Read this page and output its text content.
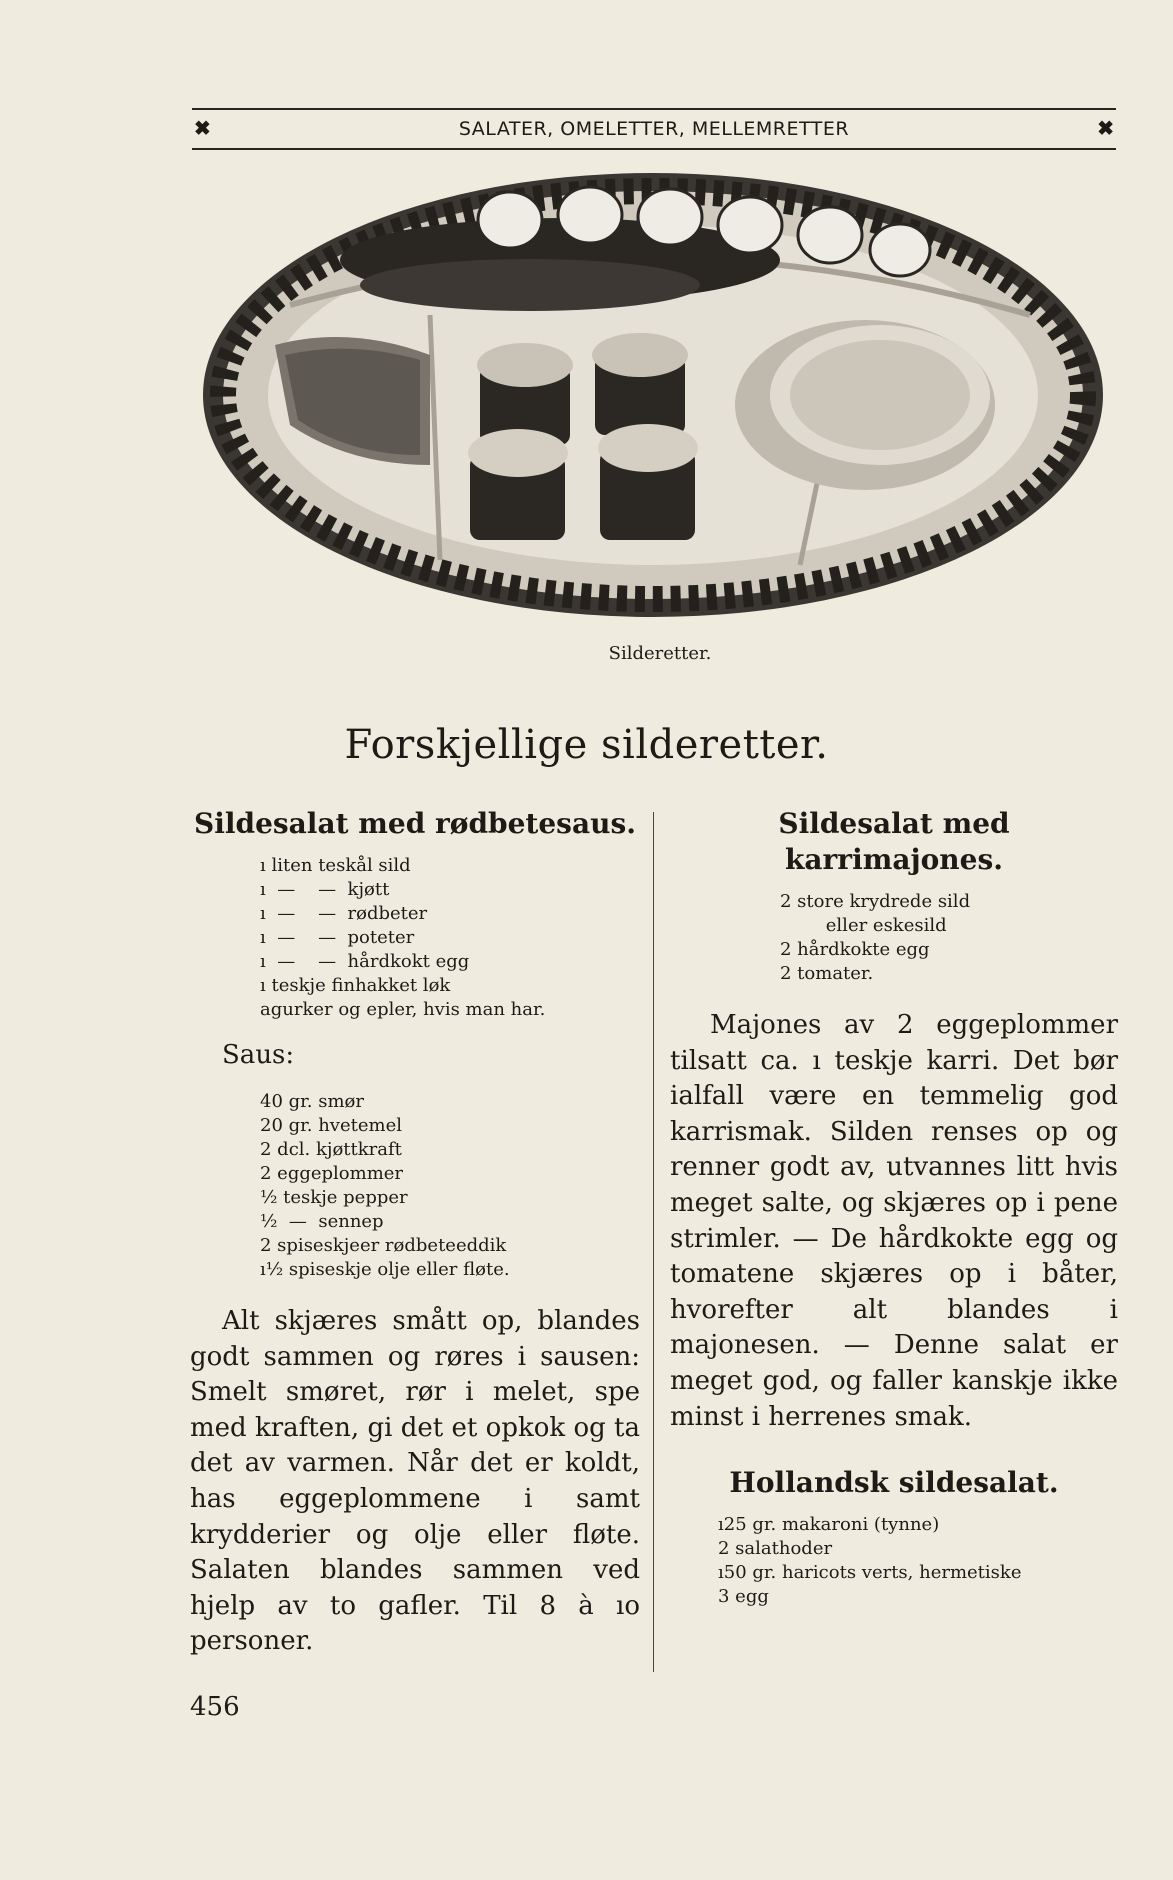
✖	SALATER, OMELETTER, MELLEMRETTER	✖
Silderetter.
Forskjellige silderetter.
Sildesalat med rødbetesaus.
ı liten teskål sild
ı  —    —  kjøtt
ı  —    —  rødbeter
ı  —    —  poteter
ı  —    —  hårdkokt egg
ı teskje finhakket løk
agurker og epler, hvis man har.
Saus:
40 gr. smør
20 gr. hvetemel
2 dcl. kjøttkraft
2 eggeplommer
½ teskje pepper
½  —  sennep
2 spiseskjeer rødbeteeddik
ı½ spiseskje olje eller fløte.

Alt skjæres smått op, blandes godt sammen og røres i sausen: Smelt smøret, rør i melet, spe med kraften, gi det et opkok og ta det av varmen. Når det er koldt, has eggeplommene i samt krydderier og olje eller fløte. Salaten blandes sammen ved hjelp av to gafler. Til 8 à ıo personer.

Sildesalat med karrimajones.
2 store krydrede sild
eller eskesild
2 hårdkokte egg
2 tomater.

Majones av 2 eggeplommer tilsatt ca. ı teskje karri. Det bør ialfall være en temmelig god karrismak. Silden renses op og renner godt av, utvannes litt hvis meget salte, og skjæres op i pene strimler. — De hårdkokte egg og tomatene skjæres op i båter, hvorefter alt blandes i majonesen. — Denne salat er meget god, og faller kanskje ikke minst i herrenes smak.

Hollandsk sildesalat.
ı25 gr. makaroni (tynne)
2 salathoder
ı50 gr. haricots verts, hermetiske
3 egg
456
